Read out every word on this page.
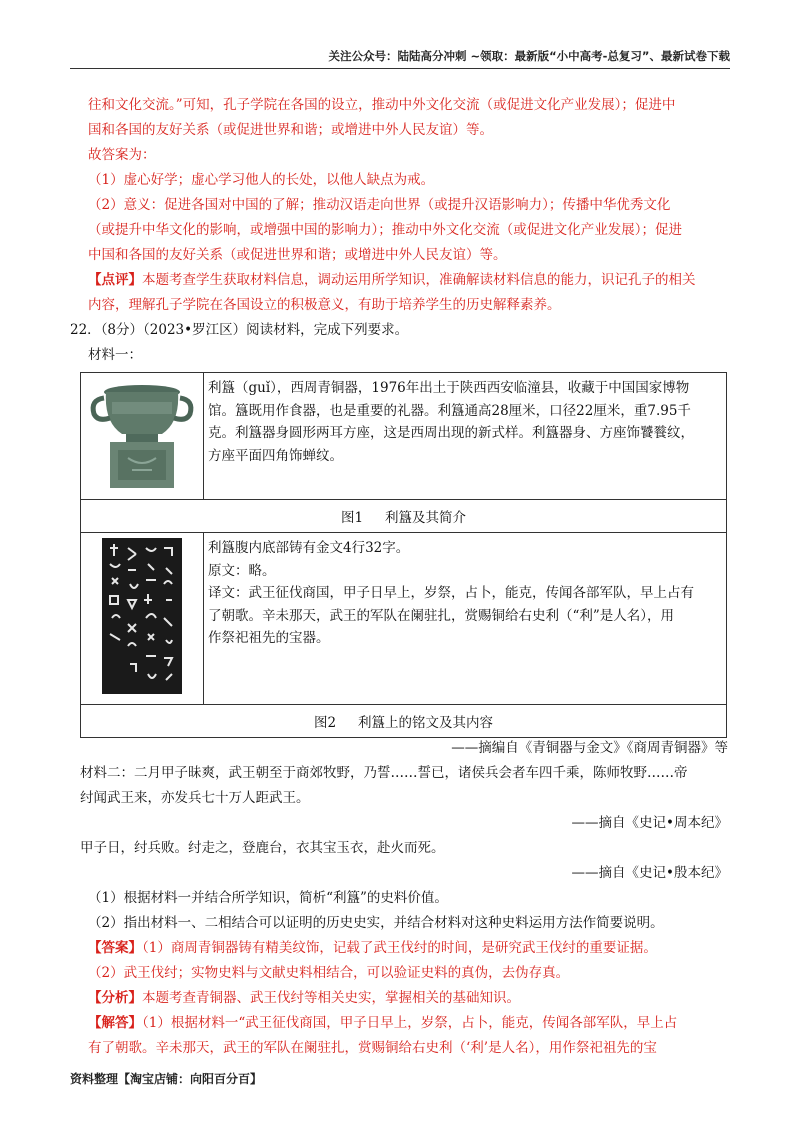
关注公众号：陆陆高分冲刺 ~领取：最新版“小中高考-总复习”、最新试卷下载
往和文化交流。”可知，孔子学院在各国的设立，推动中外文化交流（或促进文化产业发展）；促进中
国和各国的友好关系（或促进世界和谐；或增进中外人民友谊）等。
故答案为：
（1）虚心好学；虚心学习他人的长处，以他人缺点为戒。
（2）意义：促进各国对中国的了解；推动汉语走向世界（或提升汉语影响力）；传播中华优秀文化
（或提升中华文化的影响，或增强中国的影响力）；推动中外文化交流（或促进文化产业发展）；促进
中国和各国的友好关系（或促进世界和谐；或增进中外人民友谊）等。
【点评】本题考查学生获取材料信息，调动运用所学知识，准确解读材料信息的能力，识记孔子的相关
内容，理解孔子学院在各国设立的积极意义，有助于培养学生的历史解释素养。
22．（8分）（2023•罗江区）阅读材料，完成下列要求。
材料一：

利簋（guǐ），西周青铜器，1976年出土于陕西西安临潼县，收藏于中国国家博物
馆。簋既用作食器，也是重要的礼器。利簋通高28厘米，口径22厘米，重7.95千
克。利簋器身圆形两耳方座，这是西周出现的新式样。利簋器身、方座饰饕餮纹，
方座平面四角饰蝉纹。

图1 利簋及其简介	

利簋腹内底部铸有金文4行32字。
原文：略。
译文：武王征伐商国，甲子日早上，岁祭，占卜，能克，传闻各部军队，早上占有
了朝歌。辛未那天，武王的军队在阑驻扎，赏赐铜给右史利（“利”是人名），用
作祭祀祖先的宝器。

图2 利簋上的铭文及其内容	
——摘编自《青铜器与金文》《商周青铜器》等
材料二：二月甲子昧爽，武王朝至于商郊牧野，乃誓……誓已，诸侯兵会者车四千乘，陈师牧野……帝
纣闻武王来，亦发兵七十万人距武王。
——摘自《史记•周本纪》
甲子日，纣兵败。纣走之，登鹿台，衣其宝玉衣，赴火而死。
——摘自《史记•殷本纪》
（1）根据材料一并结合所学知识，简析“利簋”的史料价值。
（2）指出材料一、二相结合可以证明的历史史实，并结合材料对这种史料运用方法作简要说明。
【答案】（1）商周青铜器铸有精美纹饰，记载了武王伐纣的时间，是研究武王伐纣的重要证据。
（2）武王伐纣；实物史料与文献史料相结合，可以验证史料的真伪，去伪存真。
【分析】本题考查青铜器、武王伐纣等相关史实，掌握相关的基础知识。
【解答】（1）根据材料一“武王征伐商国，甲子日早上，岁祭，占卜，能克，传闻各部军队，早上占
有了朝歌。辛未那天，武王的军队在阑驻扎，赏赐铜给右史利（‘利’是人名），用作祭祀祖先的宝
资料整理【淘宝店铺：向阳百分百】
